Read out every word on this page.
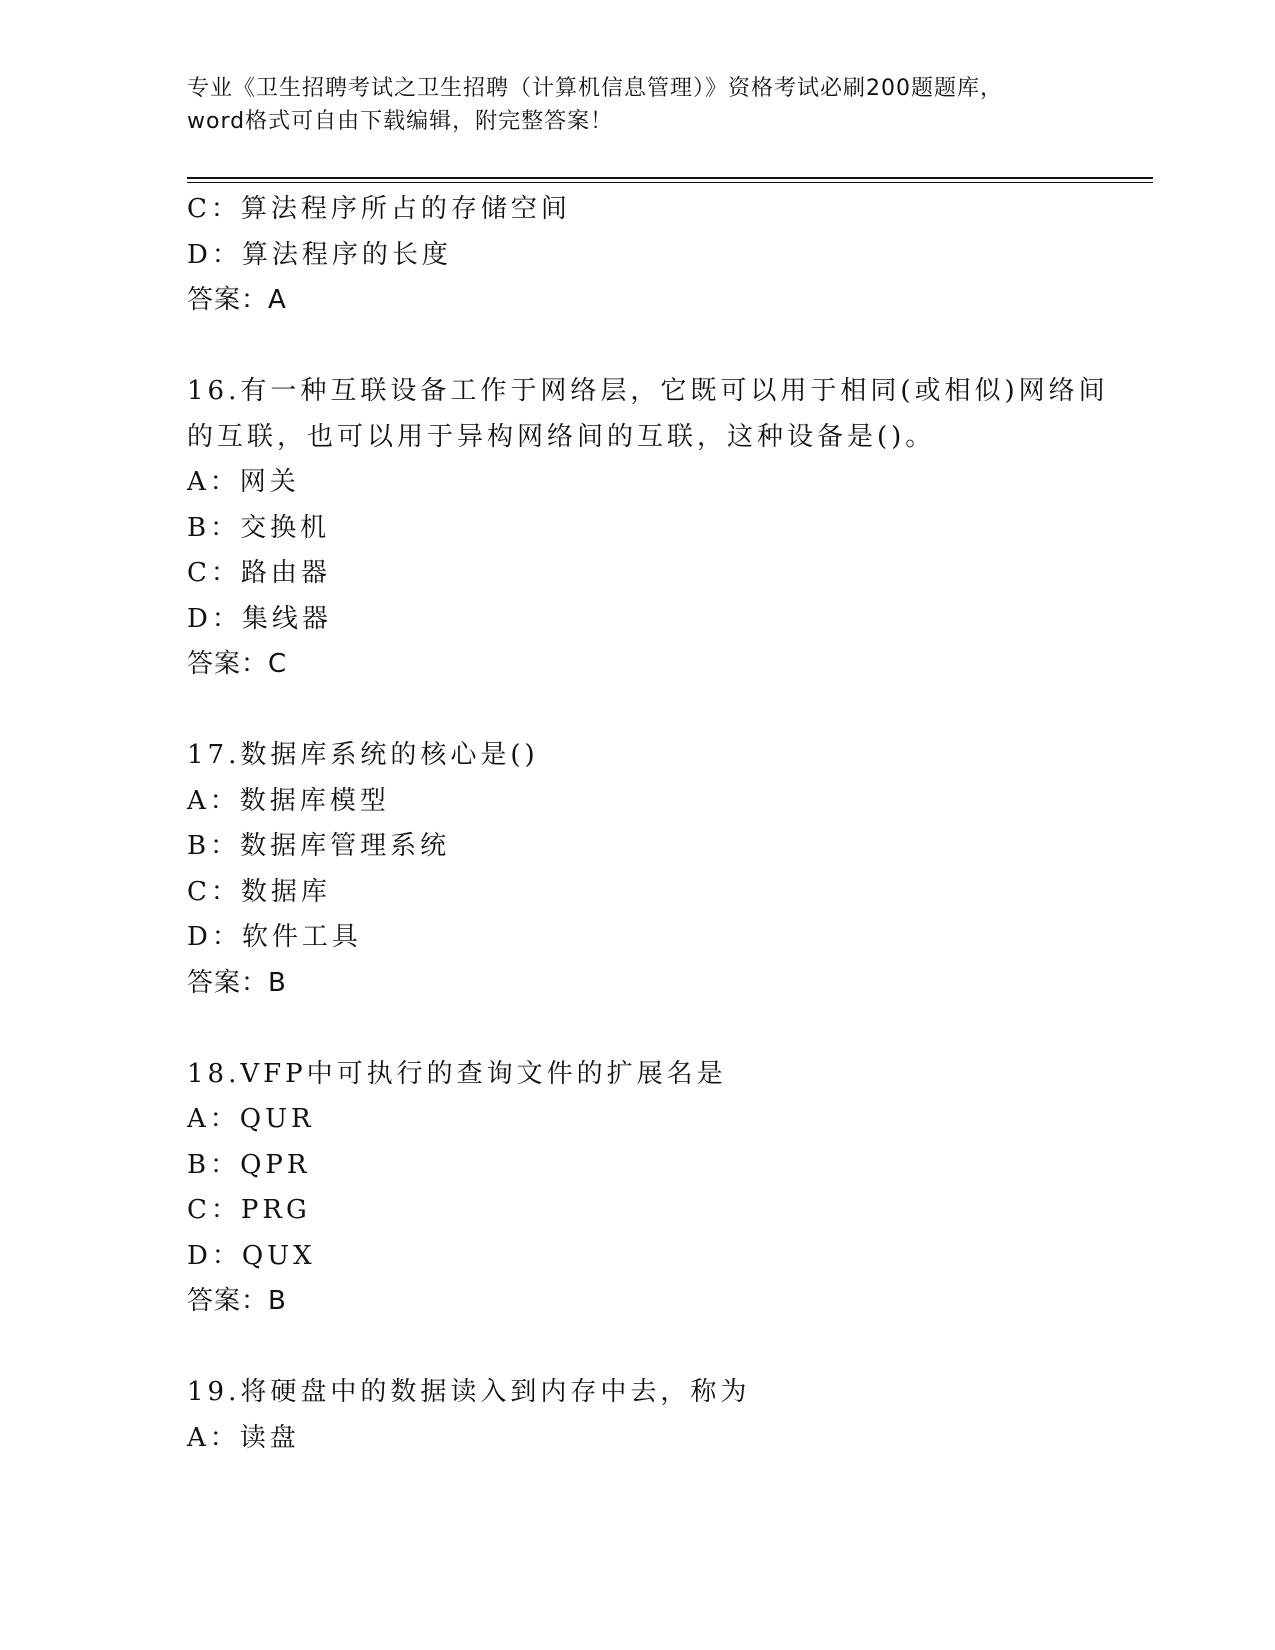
专业《卫生招聘考试之卫生招聘（计算机信息管理）》资格考试必刷200题题库，
word格式可自由下载编辑，附完整答案！
C：算法程序所占的存储空间
D：算法程序的长度
答案：A
16.有一种互联设备工作于网络层，它既可以用于相同(或相似)网络间
的互联，也可以用于异构网络间的互联，这种设备是()。
A：网关
B：交换机
C：路由器
D：集线器
答案：C
17.数据库系统的核心是()
A：数据库模型
B：数据库管理系统
C：数据库
D：软件工具
答案：B
18.VFP中可执行的查询文件的扩展名是
A：QUR
B：QPR
C：PRG
D：QUX
答案：B
19.将硬盘中的数据读入到内存中去，称为
A：读盘
